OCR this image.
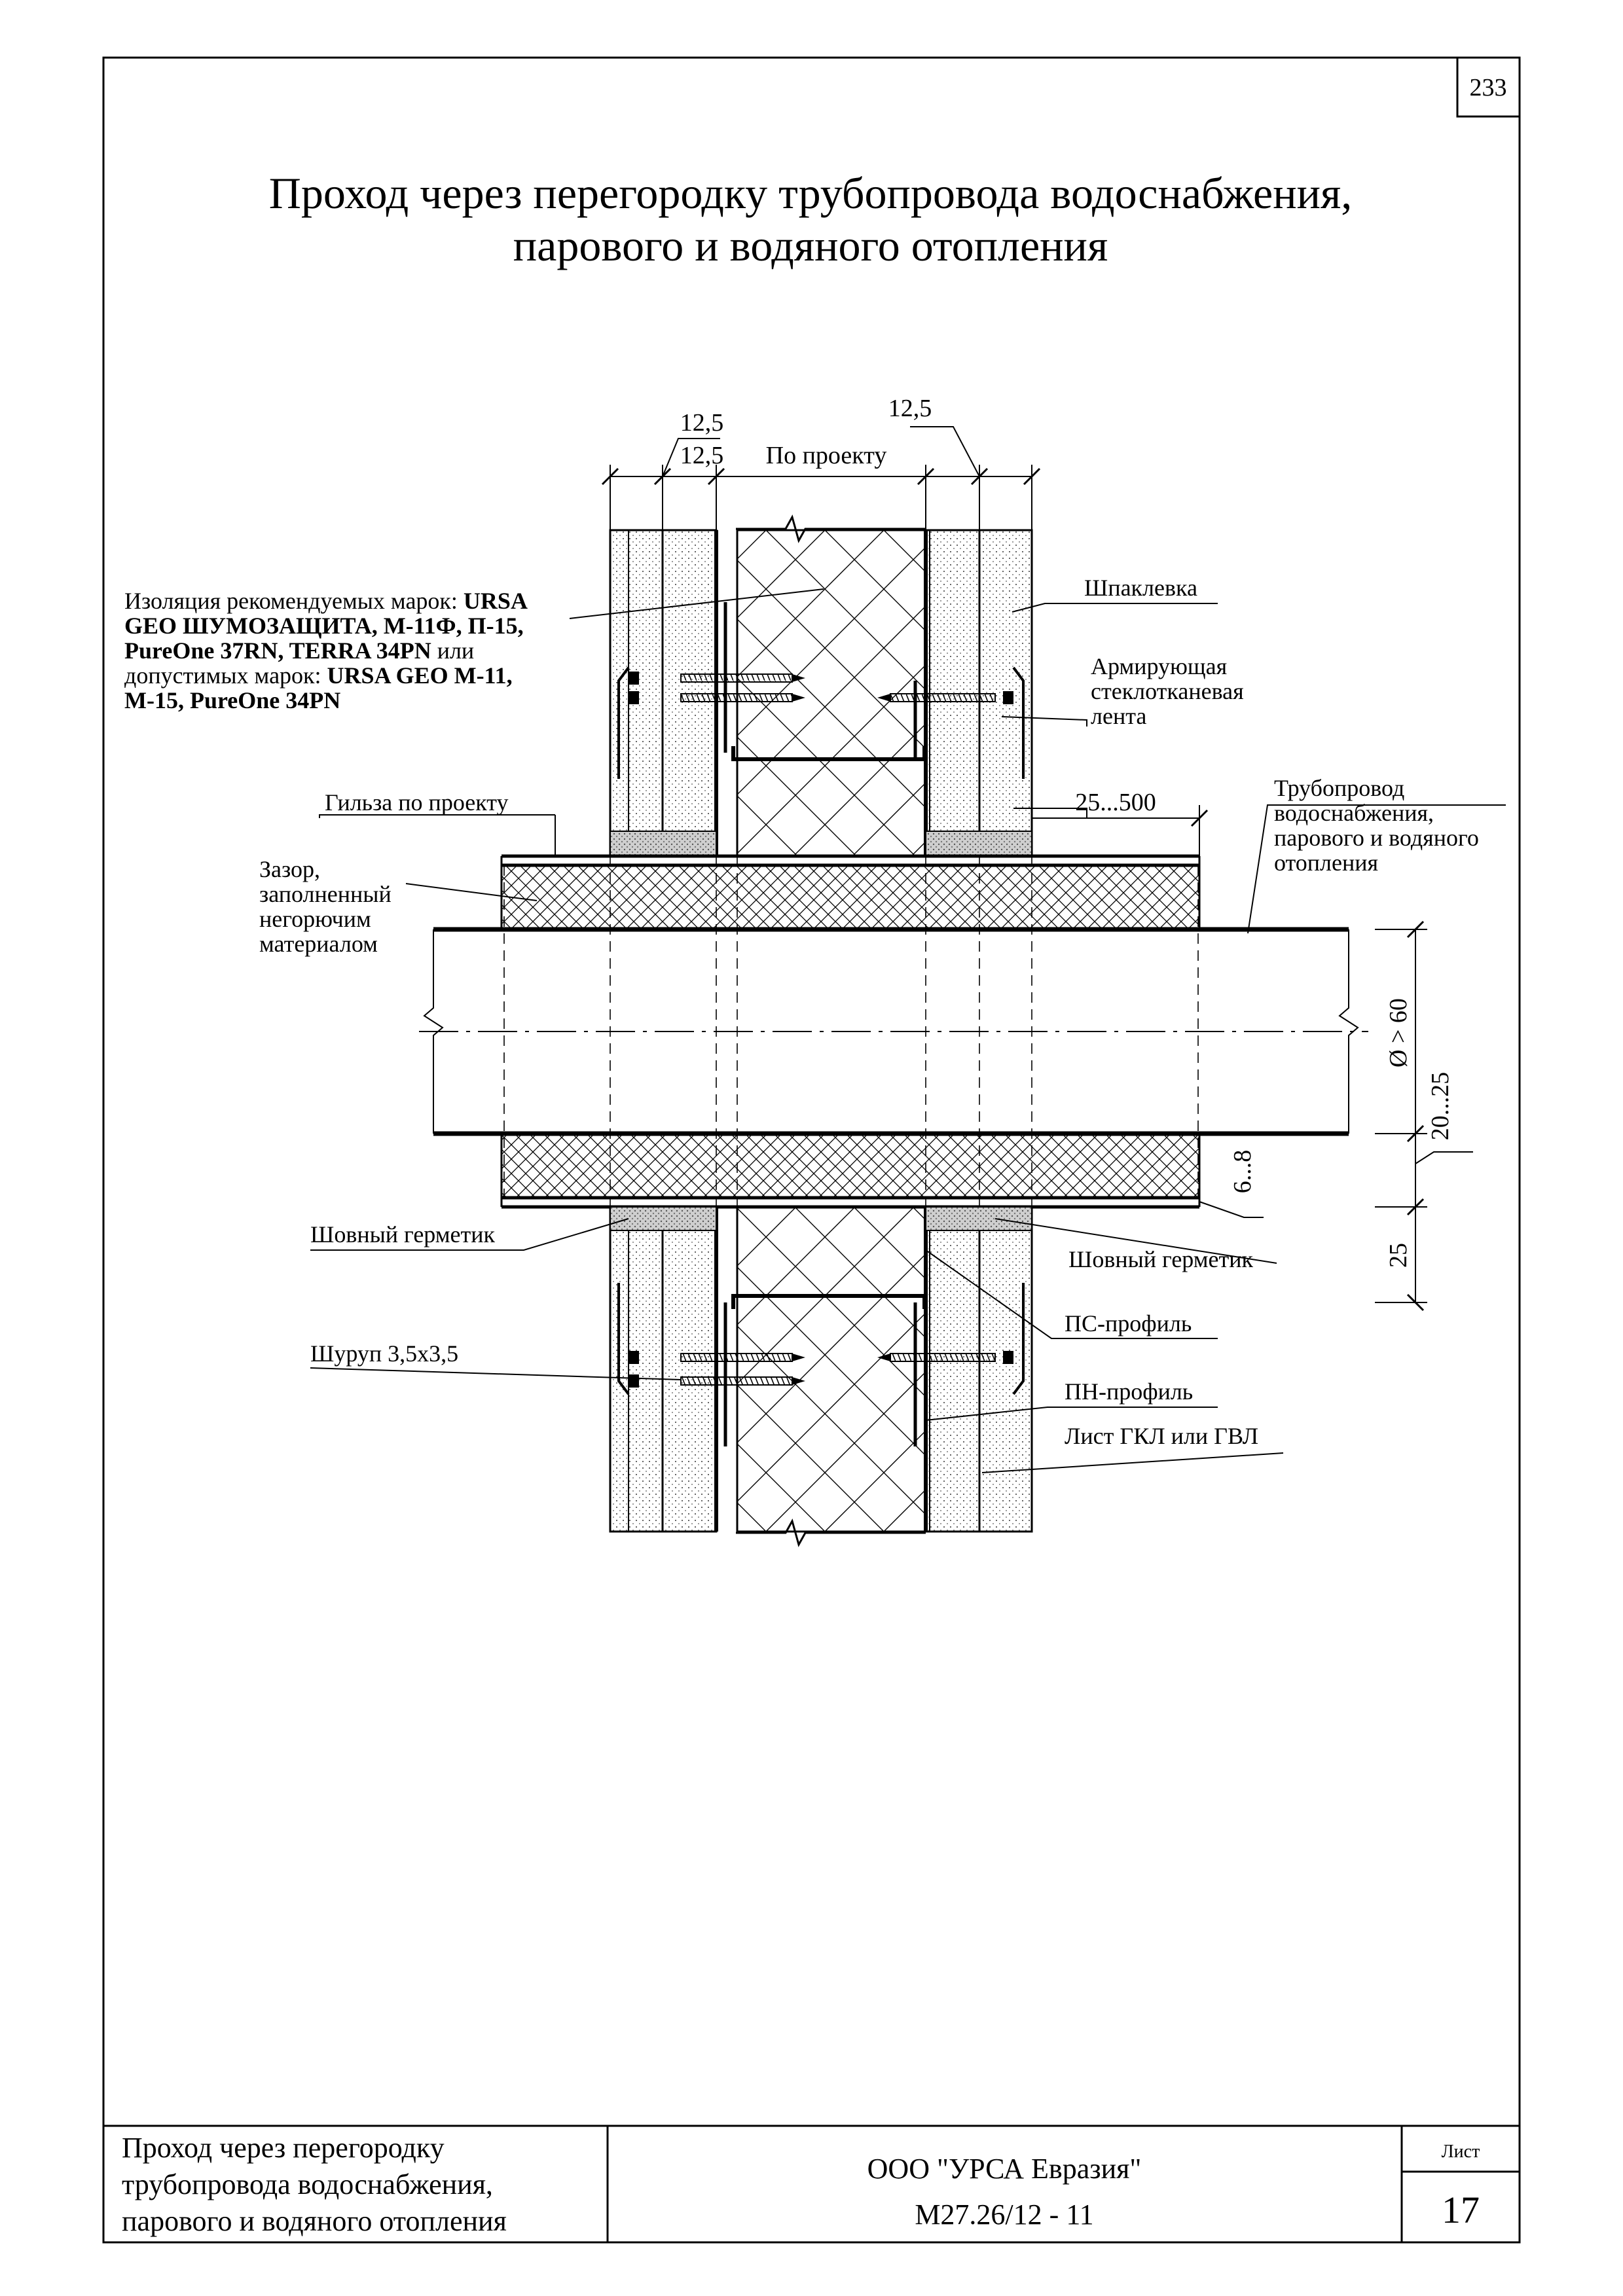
233
Проход через перегородку трубопровода водоснабжения,
парового и водяного отопления
12,5
12,5 По проекту
12,5
25...500
Ø > 60
20...25
6...8
25
Изоляция рекомендуемых марок: URSA
GEO ШУМОЗАЩИТА, М-11Ф, П-15,
PureOne 37RN, TERRA 34PN или
допустимых марок: URSA GEO М-11,
М-15, PureOne 34PN
Шпаклевка
Армирующая
стеклотканевая
лента
Гильза по проекту
Зазор,
заполненный
негорючим
материалом
Трубопровод
водоснабжения,
парового и водяного
отопления
Шовный герметик
Шовный герметик
ПС-профиль
Шуруп 3,5х3,5
ПН-профиль
Лист ГКЛ или ГВЛ
Проход через перегородку
трубопровода водоснабжения,
парового и водяного отопления
ООО "УРСА Евразия"
М27.26/12 - 11
Лист
17
